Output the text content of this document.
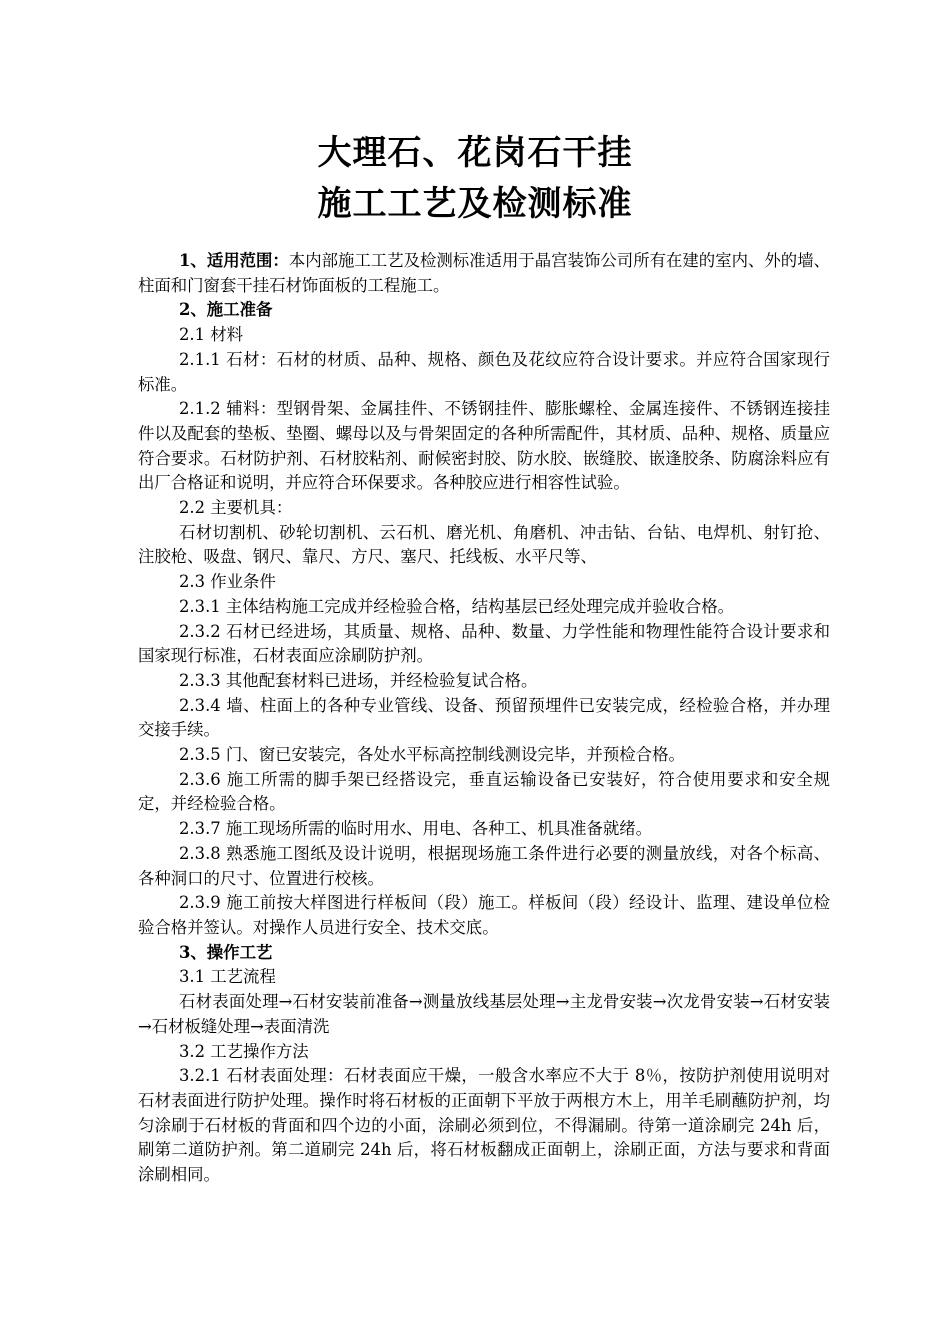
大理石、花岗石干挂
施工工艺及检测标准

1、适用范围：本内部施工工艺及检测标准适用于晶宫装饰公司所有在建的室内、外的墙、柱面和门窗套干挂石材饰面板的工程施工。

2、施工准备

2.1 材料

2.1.1 石材：石材的材质、品种、规格、颜色及花纹应符合设计要求。并应符合国家现行标准。

2.1.2 辅料：型钢骨架、金属挂件、不锈钢挂件、膨胀螺栓、金属连接件、不锈钢连接挂件以及配套的垫板、垫圈、螺母以及与骨架固定的各种所需配件，其材质、品种、规格、质量应符合要求。石材防护剂、石材胶粘剂、耐候密封胶、防水胶、嵌缝胶、嵌逢胶条、防腐涂料应有出厂合格证和说明，并应符合环保要求。各种胶应进行相容性试验。

2.2 主要机具：

石材切割机、砂轮切割机、云石机、磨光机、角磨机、冲击钻、台钻、电焊机、射钉抢、注胶枪、吸盘、钢尺、靠尺、方尺、塞尺、托线板、水平尺等、

2.3 作业条件

2.3.1 主体结构施工完成并经检验合格，结构基层已经处理完成并验收合格。

2.3.2 石材已经进场，其质量、规格、品种、数量、力学性能和物理性能符合设计要求和国家现行标准，石材表面应涂刷防护剂。

2.3.3 其他配套材料已进场，并经检验复试合格。

2.3.4 墙、柱面上的各种专业管线、设备、预留预埋件已安装完成，经检验合格，并办理交接手续。

2.3.5 门、窗已安装完，各处水平标高控制线测设完毕，并预检合格。

2.3.6 施工所需的脚手架已经搭设完，垂直运输设备已安装好，符合使用要求和安全规定，并经检验合格。

2.3.7 施工现场所需的临时用水、用电、各种工、机具准备就绪。

2.3.8 熟悉施工图纸及设计说明，根据现场施工条件进行必要的测量放线，对各个标高、各种洞口的尺寸、位置进行校核。

2.3.9 施工前按大样图进行样板间（段）施工。样板间（段）经设计、监理、建设单位检验合格并签认。对操作人员进行安全、技术交底。

3、操作工艺

3.1 工艺流程

石材表面处理→石材安装前准备→测量放线基层处理→主龙骨安装→次龙骨安装→石材安装→石材板缝处理→表面清洗

3.2 工艺操作方法

3.2.1 石材表面处理：石材表面应干燥，一般含水率应不大于 8％，按防护剂使用说明对石材表面进行防护处理。操作时将石材板的正面朝下平放于两根方木上，用羊毛刷蘸防护剂，均匀涂刷于石材板的背面和四个边的小面，涂刷必须到位，不得漏刷。待第一道涂刷完 24h 后，刷第二道防护剂。第二道刷完 24h 后，将石材板翻成正面朝上，涂刷正面，方法与要求和背面涂刷相同。
